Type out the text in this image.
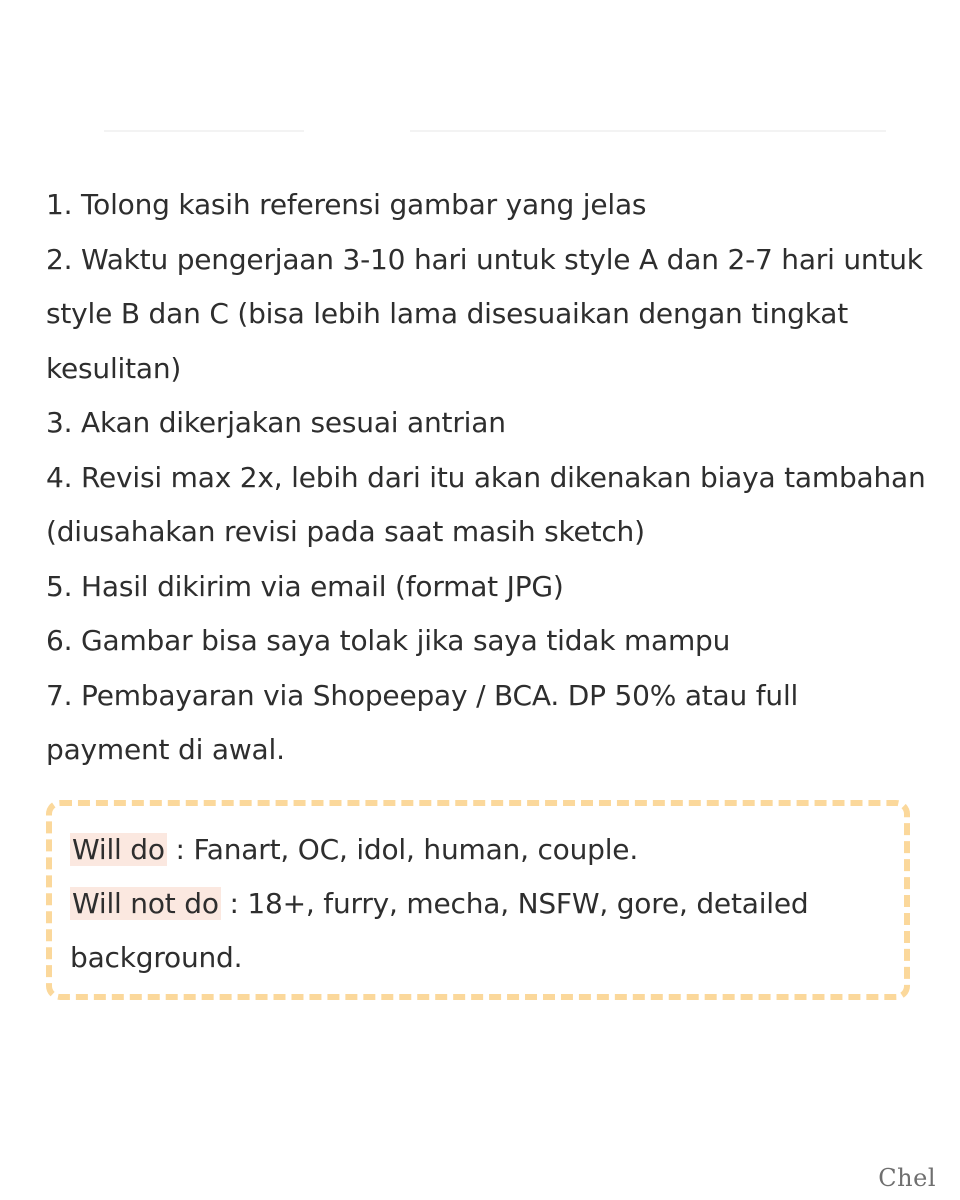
1. Tolong kasih referensi gambar yang jelas
2. Waktu pengerjaan 3-10 hari untuk style A dan 2-7 hari untuk style B dan C (bisa lebih lama disesuaikan dengan tingkat kesulitan)
3. Akan dikerjakan sesuai antrian
4. Revisi max 2x, lebih dari itu akan dikenakan biaya tambahan (diusahakan revisi pada saat masih sketch)
5. Hasil dikirim via email (format JPG)
6. Gambar bisa saya tolak jika saya tidak mampu
7. Pembayaran via Shopeepay / BCA. DP 50% atau full payment di awal.
Will do : Fanart, OC, idol, human, couple.
Will not do : 18+, furry, mecha, NSFW, gore, detailed background.
Chel
